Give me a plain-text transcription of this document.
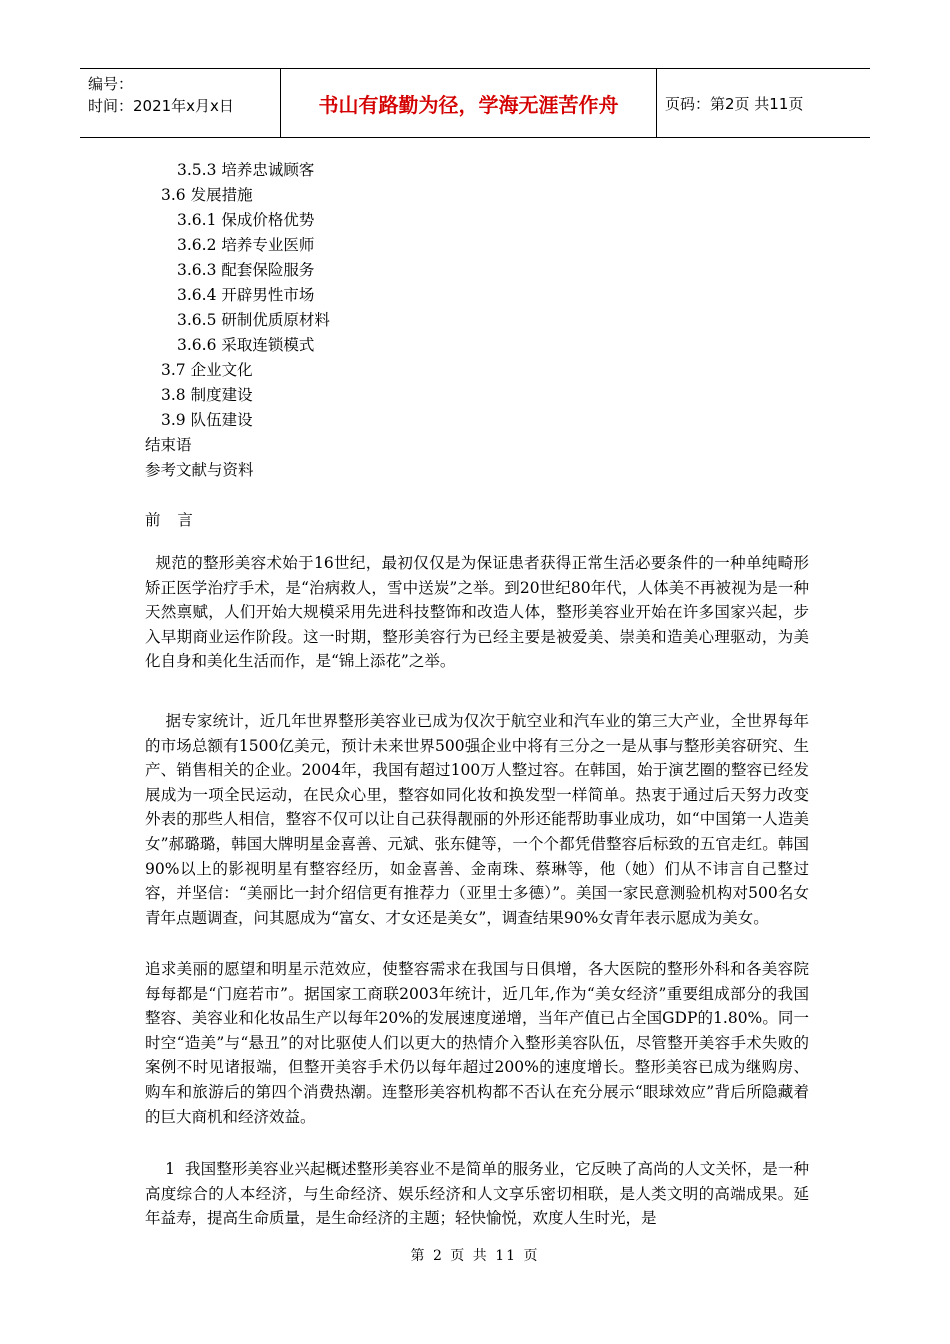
编号：
时间：2021年x月x日	书山有路勤为径，学海无涯苦作舟	页码：第2页 共11页
3.5.3 培养忠诚顾客
3.6 发展措施
3.6.1 保成价格优势
3.6.2 培养专业医师
3.6.3 配套保险服务
3.6.4 开辟男性市场
3.6.5 研制优质原材料
3.6.6 采取连锁模式
3.7 企业文化
3.8 制度建设
3.9 队伍建设
结束语
参考文献与资料
前 言
规范的整形美容术始于16世纪，最初仅仅是为保证患者获得正常生活必要条件的一种单纯畸形矫正医学治疗手术，是“治病救人，雪中送炭”之举。到20世纪80年代，人体美不再被视为是一种天然禀赋，人们开始大规模采用先进科技整饰和改造人体，整形美容业开始在许多国家兴起，步入早期商业运作阶段。这一时期，整形美容行为已经主要是被爱美、崇美和造美心理驱动，为美化自身和美化生活而作，是“锦上添花”之举。
据专家统计，近几年世界整形美容业已成为仅次于航空业和汽车业的第三大产业，全世界每年的市场总额有1500亿美元，预计未来世界500强企业中将有三分之一是从事与整形美容研究、生产、销售相关的企业。2004年，我国有超过100万人整过容。在韩国，始于演艺圈的整容已经发展成为一项全民运动，在民众心里，整容如同化妆和换发型一样简单。热衷于通过后天努力改变外表的那些人相信，整容不仅可以让自己获得靓丽的外形还能帮助事业成功，如“中国第一人造美女”郝璐璐，韩国大牌明星金喜善、元斌、张东健等，一个个都凭借整容后标致的五官走红。韩国90%以上的影视明星有整容经历，如金喜善、金南珠、蔡琳等，他（她）们从不讳言自己整过容，并坚信：“美丽比一封介绍信更有推荐力（亚里士多德）”。美国一家民意测验机构对500名女青年点题调查，问其愿成为“富女、才女还是美女”，调查结果90%女青年表示愿成为美女。
追求美丽的愿望和明星示范效应，使整容需求在我国与日俱增，各大医院的整形外科和各美容院每每都是“门庭若市”。据国家工商联2003年统计，近几年,作为“美女经济”重要组成部分的我国整容、美容业和化妆品生产以每年20%的发展速度递增，当年产值已占全国GDP的1.80%。同一时空“造美”与“悬丑”的对比驱使人们以更大的热情介入整形美容队伍，尽管整开美容手术失败的案例不时见诸报端，但整开美容手术仍以每年超过200%的速度增长。整形美容已成为继购房、购车和旅游后的第四个消费热潮。连整形美容机构都不否认在充分展示“眼球效应”背后所隐藏着的巨大商机和经济效益。
1  我国整形美容业兴起概述整形美容业不是简单的服务业，它反映了高尚的人文关怀，是一种高度综合的人本经济，与生命经济、娱乐经济和人文享乐密切相联，是人类文明的高端成果。延年益寿，提高生命质量，是生命经济的主题；轻快愉悦，欢度人生时光，是
第 2 页 共 11 页
